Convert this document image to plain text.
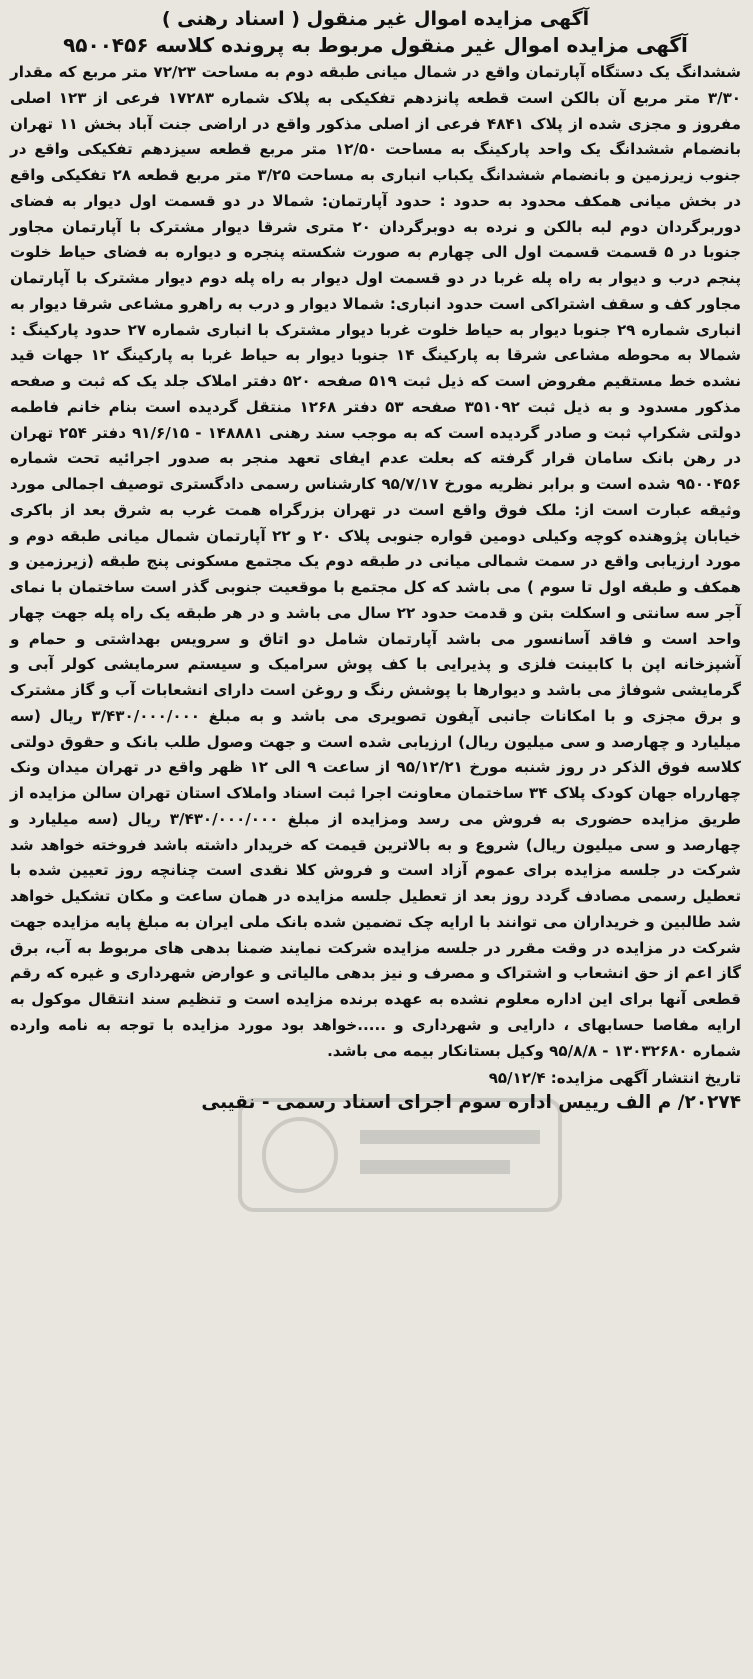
آگهی مزایده اموال غیر منقول ( اسناد رهنی )
آگهی مزایده اموال غیر منقول مربوط به پرونده کلاسه ۹۵۰۰۴۵۶

ششدانگ یک دستگاه آپارتمان واقع در شمال میانی طبقه دوم به مساحت ۷۲/۲۳ متر مربع که مقدار ۳/۳۰ متر مربع آن بالکن است قطعه پانزدهم تفکیکی به پلاک شماره ۱۷۲۸۳ فرعی از ۱۲۳ اصلی مفروز و مجزی شده از پلاک ۴۸۴۱ فرعی از اصلی مذکور واقع در اراضی جنت آباد بخش ۱۱ تهران بانضمام ششدانگ یک واحد پارکینگ به مساحت ۱۲/۵۰ متر مربع قطعه سیزدهم تفکیکی واقع در جنوب زیرزمین و بانضمام ششدانگ یکباب انباری به مساحت ۳/۲۵ متر مربع قطعه ۲۸ تفکیکی واقع در بخش میانی همکف محدود به حدود : حدود آپارتمان: شمالا در دو قسمت اول دیوار به فضای دوربرگردان دوم لبه بالکن و نرده به دوبرگردان ۲۰ متری شرقا دیوار مشترک با آپارتمان مجاور جنوبا در ۵ قسمت قسمت اول الی چهارم به صورت شکسته پنجره و دیواره به فضای حیاط خلوت پنجم درب و دیوار به راه پله غربا در دو قسمت اول دیوار به راه پله دوم دیوار مشترک با آپارتمان مجاور کف و سقف اشتراکی است حدود انباری: شمالا دیوار و درب به راهرو مشاعی شرقا دیوار به انباری شماره ۲۹ جنوبا دیوار به حیاط خلوت غربا دیوار مشترک با انباری شماره ۲۷ حدود پارکینگ : شمالا به محوطه مشاعی شرقا به پارکینگ ۱۴ جنوبا دیوار به حیاط غربا به پارکینگ ۱۲ جهات قید نشده خط مستقیم مفروض است که ذیل ثبت ۵۱۹ صفحه ۵۲۰ دفتر املاک جلد یک که ثبت و صفحه مذکور مسدود و به ذیل ثبت ۳۵۱۰۹۲ صفحه ۵۳ دفتر ۱۲۶۸ منتقل گردیده است بنام خانم فاطمه دولتی شکراپ ثبت و صادر گردیده است که به موجب سند رهنی ۱۴۸۸۸۱ - ۹۱/۶/۱۵ دفتر ۲۵۴ تهران در رهن بانک سامان قرار گرفته که بعلت عدم ایفای تعهد منجر به صدور اجرائیه تحت شماره ۹۵۰۰۴۵۶ شده است و برابر نظریه مورخ ۹۵/۷/۱۷ کارشناس رسمی دادگستری توصیف اجمالی مورد وثیقه عبارت است از: ملک فوق واقع است در تهران بزرگراه همت غرب به شرق بعد از باکری خیابان پژوهنده کوچه وکیلی دومین قواره جنوبی پلاک ۲۰ و ۲۲ آپارتمان شمال میانی طبقه دوم و مورد ارزیابی واقع در سمت شمالی میانی در طبقه دوم یک مجتمع مسکونی پنج طبقه (زیرزمین و همکف و طبقه اول تا سوم ) می باشد که کل مجتمع با موقعیت جنوبی گذر است ساختمان با نمای آجر سه سانتی و اسکلت بتن و قدمت حدود ۲۲ سال می باشد و در هر طبقه یک راه پله جهت چهار واحد است و فاقد آسانسور می باشد آپارتمان شامل دو اتاق و سرویس بهداشتی و حمام و آشپزخانه اپن با کابینت فلزی و پذیرایی با کف پوش سرامیک و سیستم سرمایشی کولر آبی و گرمایشی شوفاژ می باشد و دیوارها با پوشش رنگ و روغن است دارای انشعابات آب و گاز مشترک و برق مجزی و با امکانات جانبی آیفون تصویری می باشد و به مبلغ ۳/۴۳۰/۰۰۰/۰۰۰ ریال (سه میلیارد و چهارصد و سی میلیون ریال) ارزیابی شده است و جهت وصول طلب بانک و حقوق دولتی کلاسه فوق الذکر در روز شنبه مورخ ۹۵/۱۲/۲۱ از ساعت ۹ الی ۱۲ ظهر واقع در تهران میدان ونک چهارراه جهان کودک پلاک ۳۴ ساختمان معاونت اجرا ثبت اسناد واملاک استان تهران سالن مزایده از طریق مزایده حضوری به فروش می رسد ومزایده از مبلغ ۳/۴۳۰/۰۰۰/۰۰۰ ریال (سه میلیارد و چهارصد و سی میلیون ریال) شروع و به بالاترین قیمت که خریدار داشته باشد فروخته خواهد شد شرکت در جلسه مزایده برای عموم آزاد است و فروش کلا نقدی است چنانچه روز تعیین شده با تعطیل رسمی مصادف گردد روز بعد از تعطیل جلسه مزایده در همان ساعت و مکان تشکیل خواهد شد طالبین و خریداران می توانند با ارایه چک تضمین شده بانک ملی ایران به مبلغ پایه مزایده جهت شرکت در مزایده در وقت مقرر در جلسه مزایده شرکت نمایند ضمنا بدهی های مربوط به آب، برق گاز اعم از حق انشعاب و اشتراک و مصرف و نیز بدهی مالیاتی و عوارض شهرداری و غیره که رقم قطعی آنها برای این اداره معلوم نشده به عهده برنده مزایده است و تنظیم سند انتقال موکول به ارایه مفاصا حسابهای ، دارایی و شهرداری و .....خواهد بود مورد مزایده با توجه به نامه وارده شماره ۱۳۰۳۲۶۸۰ - ۹۵/۸/۸ وکیل بستانکار بیمه می باشد.

تاریخ انتشار آگهی مزایده: ۹۵/۱۲/۴
۲۰۲۷۴/ م الف رییس اداره سوم اجرای اسناد رسمی - نقیبی
